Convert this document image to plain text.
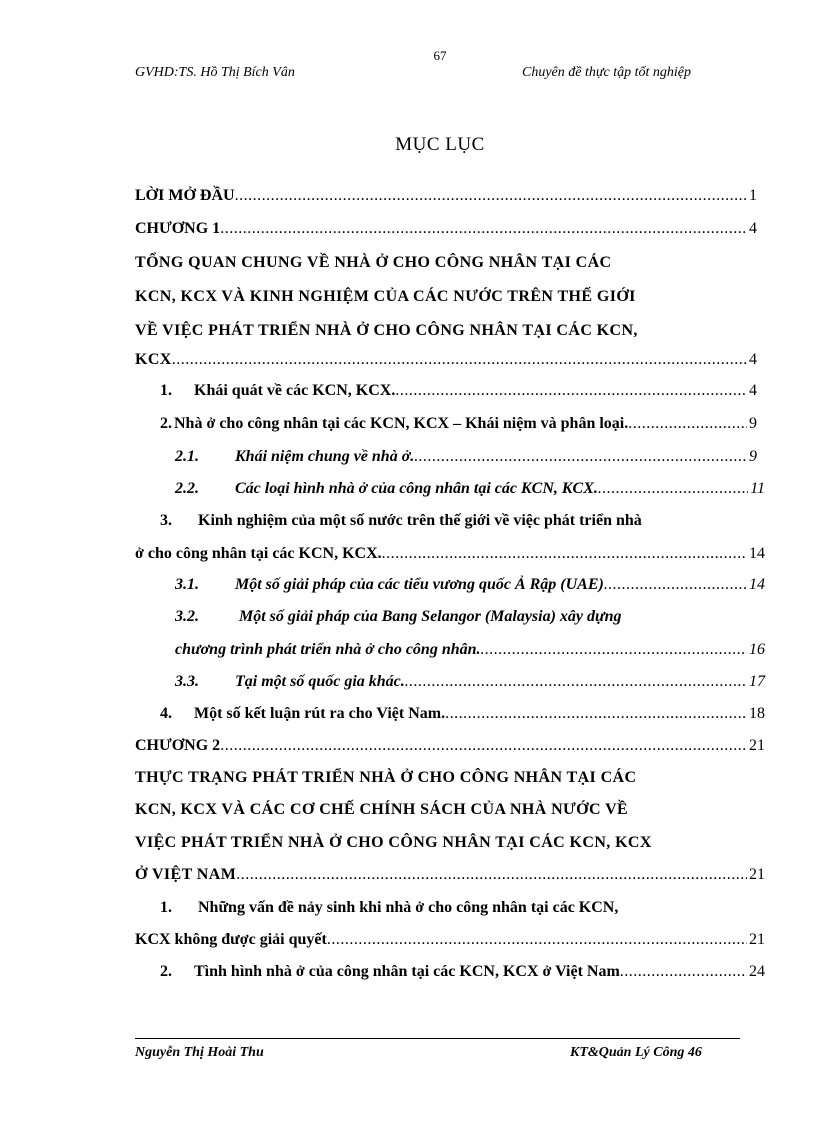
67
GVHD:TS. Hồ Thị Bích Vân	Chuyên đề thực tập tốt nghiệp
MỤC LỤC
LỜI MỞ ĐẦU .....	1
CHƯƠNG 1 .....	4
TỔNG QUAN CHUNG VỀ NHÀ Ở CHO CÔNG NHÂN TẠI CÁC
KCN, KCX VÀ KINH NGHIỆM CỦA CÁC NƯỚC TRÊN THẾ GIỚI
VỀ VIỆC PHÁT TRIỂN NHÀ Ở CHO CÔNG NHÂN TẠI CÁC KCN,
KCX .....	4
1.	Khái quát về các KCN, KCX. .....	4
2. Nhà ở cho công nhân tại các KCN, KCX – Khái niệm và phân loại. .....	9
2.1.	Khái niệm chung về nhà ở. .....	9
2.2.	Các loại hình nhà ở của công nhân tại các KCN, KCX. .....	11
3. Kinh nghiệm của một số nước trên thế giới về việc phát triển nhà
ở cho công nhân tại các KCN, KCX. .....	14
3.1.	Một số giải pháp của các tiểu vương quốc Ả Rập (UAE) .....	14
3.2.	Một số giải pháp của Bang Selangor (Malaysia) xây dựng
chương trình phát triển nhà ở cho công nhân. .....	16
3.3.	Tại một số quốc gia khác. .....	17
4.	Một số kết luận rút ra cho Việt Nam. .....	18
CHƯƠNG 2 .....	21
THỰC TRẠNG PHÁT TRIỂN NHÀ Ở CHO CÔNG NHÂN TẠI CÁC
KCN, KCX VÀ CÁC CƠ CHẾ CHÍNH SÁCH CỦA NHÀ NƯỚC VỀ
VIỆC PHÁT TRIỂN NHÀ Ở CHO CÔNG NHÂN TẠI CÁC KCN, KCX
Ở VIỆT NAM .....	21
1. Những vấn đề nảy sinh khi nhà ở cho công nhân tại các KCN,
KCX không được giải quyết .....	21
2.	Tình hình nhà ở của công nhân tại các KCN, KCX ở Việt Nam .....	24
Nguyễn Thị Hoài Thu	KT&Quản Lý Công 46
